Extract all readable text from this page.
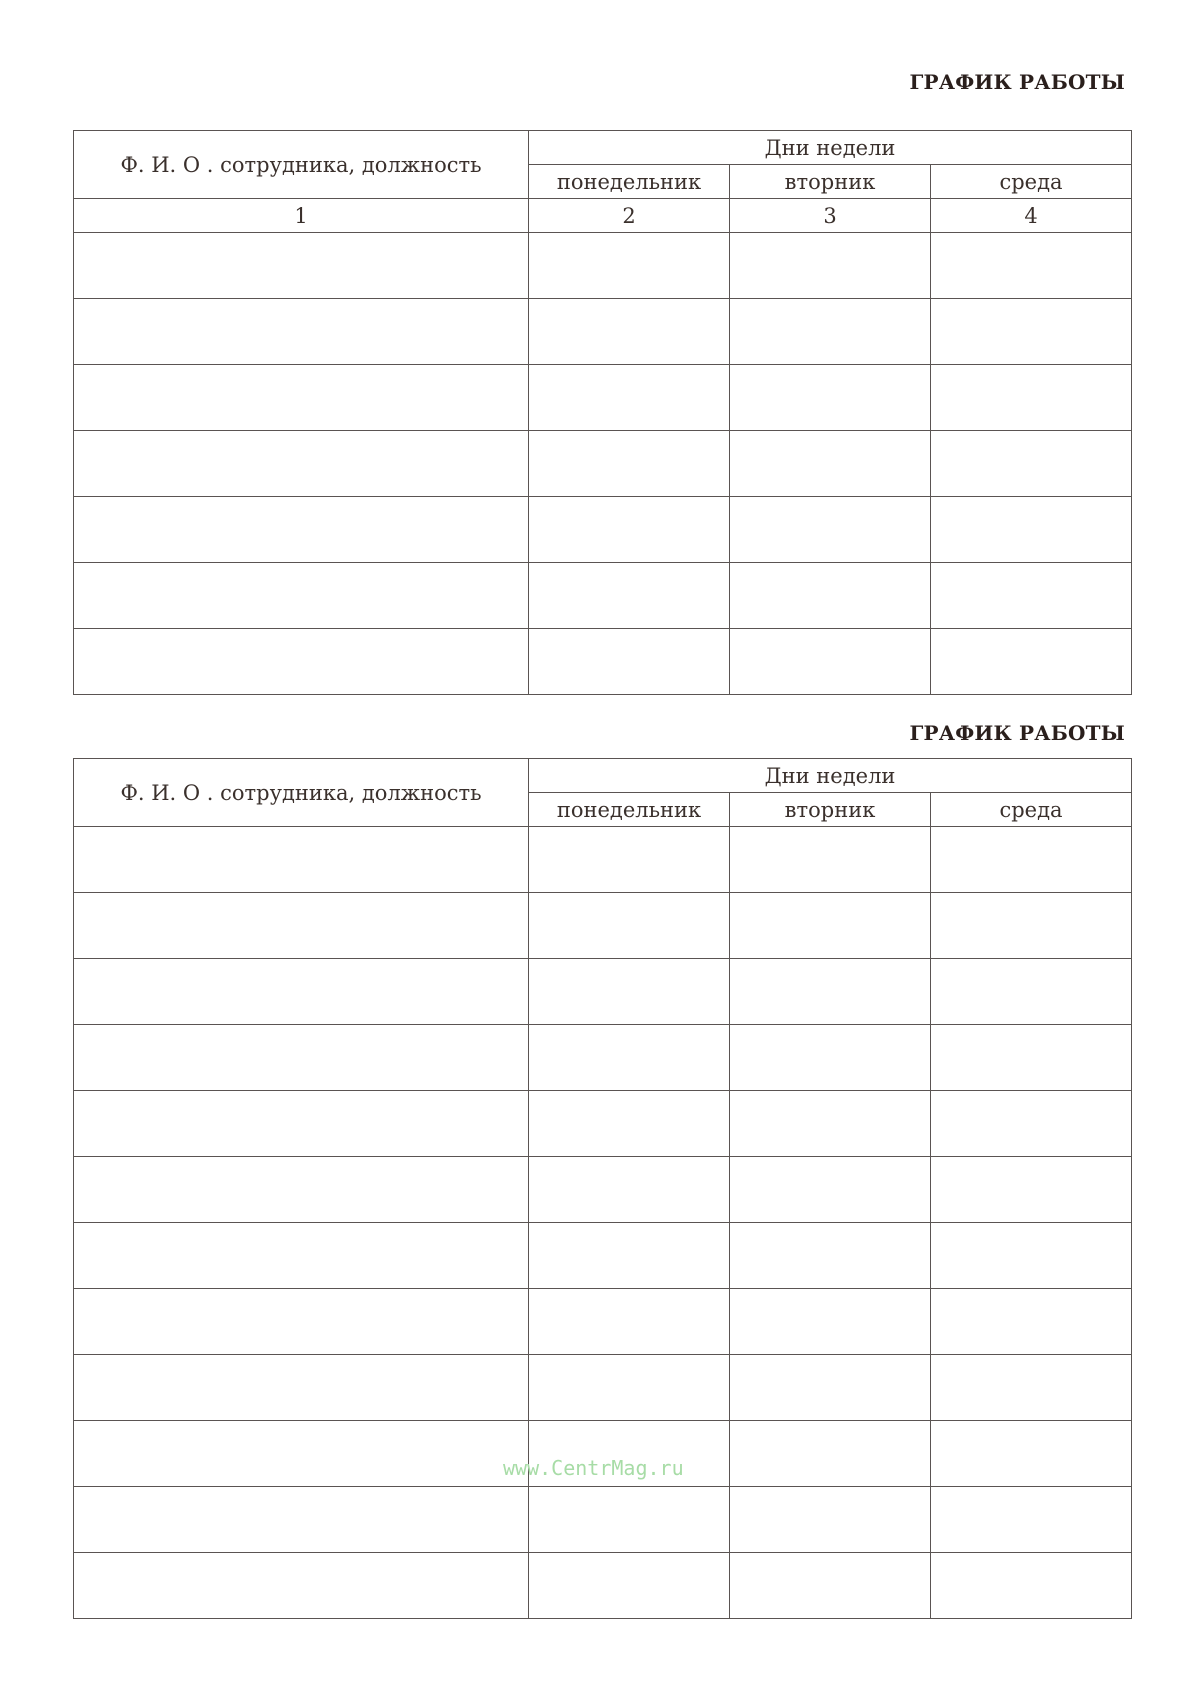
ГРАФИК РАБОТЫ
Ф. И. О . сотрудника, должность	Дни недели		
	понедельник	вторник	среда
1	2	3	4

ГРАФИК РАБОТЫ
Ф. И. О . сотрудника, должность	Дни недели		
	понедельник	вторник	среда

www.CentrMag.ru
